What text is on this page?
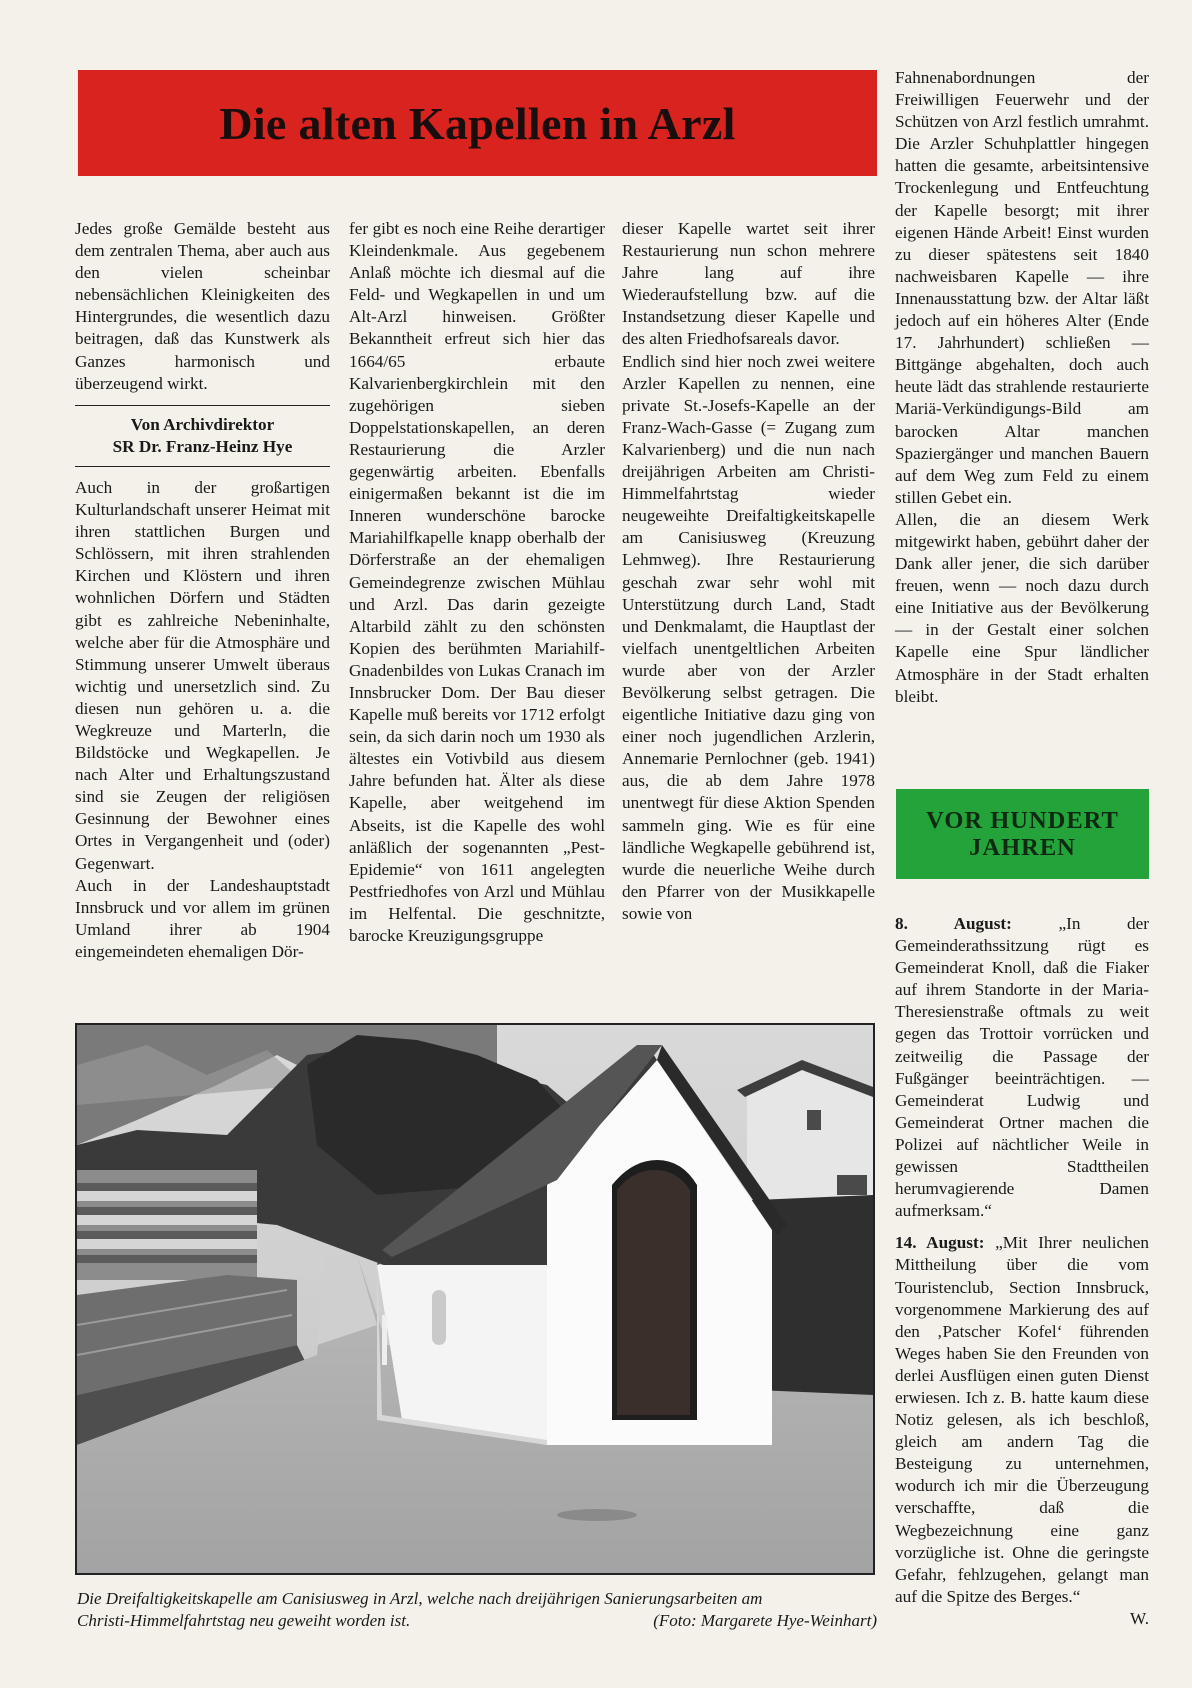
Die alten Kapellen in Arzl

Jedes große Gemälde besteht aus dem zentralen Thema, aber auch aus den vielen scheinbar nebensächlichen Kleinigkeiten des Hintergrundes, die wesentlich dazu beitragen, daß das Kunstwerk als Ganzes harmonisch und überzeugend wirkt.

Von Archivdirektor
SR Dr. Franz-Heinz Hye

Auch in der großartigen Kulturlandschaft unserer Heimat mit ihren stattlichen Burgen und Schlössern, mit ihren strahlenden Kirchen und Klöstern und ihren wohnlichen Dörfern und Städten gibt es zahlreiche Nebeninhalte, welche aber für die Atmosphäre und Stimmung unserer Umwelt überaus wichtig und unersetzlich sind. Zu diesen nun gehören u. a. die Wegkreuze und Marterln, die Bildstöcke und Wegkapellen. Je nach Alter und Erhaltungszustand sind sie Zeugen der religiösen Gesinnung der Bewohner eines Ortes in Vergangenheit und (oder) Gegenwart.

Auch in der Landeshauptstadt Innsbruck und vor allem im grünen Umland ihrer ab 1904 eingemeindeten ehemaligen Dör-

fer gibt es noch eine Reihe derartiger Kleindenkmale. Aus gegebenem Anlaß möchte ich diesmal auf die Feld- und Wegkapellen in und um Alt-Arzl hinweisen. Größter Bekanntheit erfreut sich hier das 1664/65 erbaute Kalvarienbergkirchlein mit den zugehörigen sieben Doppelstationskapellen, an deren Restaurierung die Arzler gegenwärtig arbeiten. Ebenfalls einigermaßen bekannt ist die im Inneren wunderschöne barocke Mariahilfkapelle knapp oberhalb der Dörferstraße an der ehemaligen Gemeindegrenze zwischen Mühlau und Arzl. Das darin gezeigte Altarbild zählt zu den schönsten Kopien des berühmten Mariahilf-Gnadenbildes von Lukas Cranach im Innsbrucker Dom. Der Bau dieser Kapelle muß bereits vor 1712 erfolgt sein, da sich darin noch um 1930 als ältestes ein Votivbild aus diesem Jahre befunden hat. Älter als diese Kapelle, aber weitgehend im Abseits, ist die Kapelle des wohl anläßlich der sogenannten „Pest-Epidemie“ von 1611 angelegten Pestfriedhofes von Arzl und Mühlau im Helfental. Die geschnitzte, barocke Kreuzigungsgruppe

dieser Kapelle wartet seit ihrer Restaurierung nun schon mehrere Jahre lang auf ihre Wiederaufstellung bzw. auf die Instandsetzung dieser Kapelle und des alten Friedhofsareals davor.

Endlich sind hier noch zwei weitere Arzler Kapellen zu nennen, eine private St.-Josefs-Kapelle an der Franz-Wach-Gasse (= Zugang zum Kalvarienberg) und die nun nach dreijährigen Arbeiten am Christi-Himmelfahrtstag wieder neugeweihte Dreifaltigkeitskapelle am Canisiusweg (Kreuzung Lehmweg). Ihre Restaurierung geschah zwar sehr wohl mit Unterstützung durch Land, Stadt und Denkmalamt, die Hauptlast der vielfach unentgeltlichen Arbeiten wurde aber von der Arzler Bevölkerung selbst getragen. Die eigentliche Initiative dazu ging von einer noch jugendlichen Arzlerin, Annemarie Pernlochner (geb. 1941) aus, die ab dem Jahre 1978 unentwegt für diese Aktion Spenden sammeln ging. Wie es für eine ländliche Wegkapelle gebührend ist, wurde die neuerliche Weihe durch den Pfarrer von der Musikkapelle sowie von

Fahnenabordnungen der Freiwilligen Feuerwehr und der Schützen von Arzl festlich umrahmt. Die Arzler Schuhplattler hingegen hatten die gesamte, arbeitsintensive Trockenlegung und Entfeuchtung der Kapelle besorgt; mit ihrer eigenen Hände Arbeit! Einst wurden zu dieser spätestens seit 1840 nachweisbaren Kapelle — ihre Innenausstattung bzw. der Altar läßt jedoch auf ein höheres Alter (Ende 17. Jahrhundert) schließen — Bittgänge abgehalten, doch auch heute lädt das strahlende restaurierte Mariä-Verkündigungs-Bild am barocken Altar manchen Spaziergänger und manchen Bauern auf dem Weg zum Feld zu einem stillen Gebet ein.

Allen, die an diesem Werk mitgewirkt haben, gebührt daher der Dank aller jener, die sich darüber freuen, wenn — noch dazu durch eine Initiative aus der Bevölkerung — in der Gestalt einer solchen Kapelle eine Spur ländlicher Atmosphäre in der Stadt erhalten bleibt.

VOR HUNDERT
JAHREN

8. August: „In der Gemeinderathssitzung rügt es Gemeinderat Knoll, daß die Fiaker auf ihrem Standorte in der Maria-Theresienstraße oftmals zu weit gegen das Trottoir vorrücken und zeitweilig die Passage der Fußgänger beeinträchtigen. — Gemeinderat Ludwig und Gemeinderat Ortner machen die Polizei auf nächtlicher Weile in gewissen Stadttheilen herumvagierende Damen aufmerksam.“

14. August: „Mit Ihrer neulichen Mittheilung über die vom Touristenclub, Section Innsbruck, vorgenommene Markierung des auf den ‚Patscher Kofel‘ führenden Weges haben Sie den Freunden von derlei Ausflügen einen guten Dienst erwiesen. Ich z. B. hatte kaum diese Notiz gelesen, als ich beschloß, gleich am andern Tag die Besteigung zu unternehmen, wodurch ich mir die Überzeugung verschaffte, daß die Wegbezeichnung eine ganz vorzügliche ist. Ohne die geringste Gefahr, fehlzugehen, gelangt man auf die Spitze des Berges.“

W.

Die Dreifaltigkeitskapelle am Canisiusweg in Arzl, welche nach dreijährigen Sanierungsarbeiten am
Christi-Himmelfahrtstag neu geweiht worden ist.	(Foto: Margarete Hye-Weinhart)
